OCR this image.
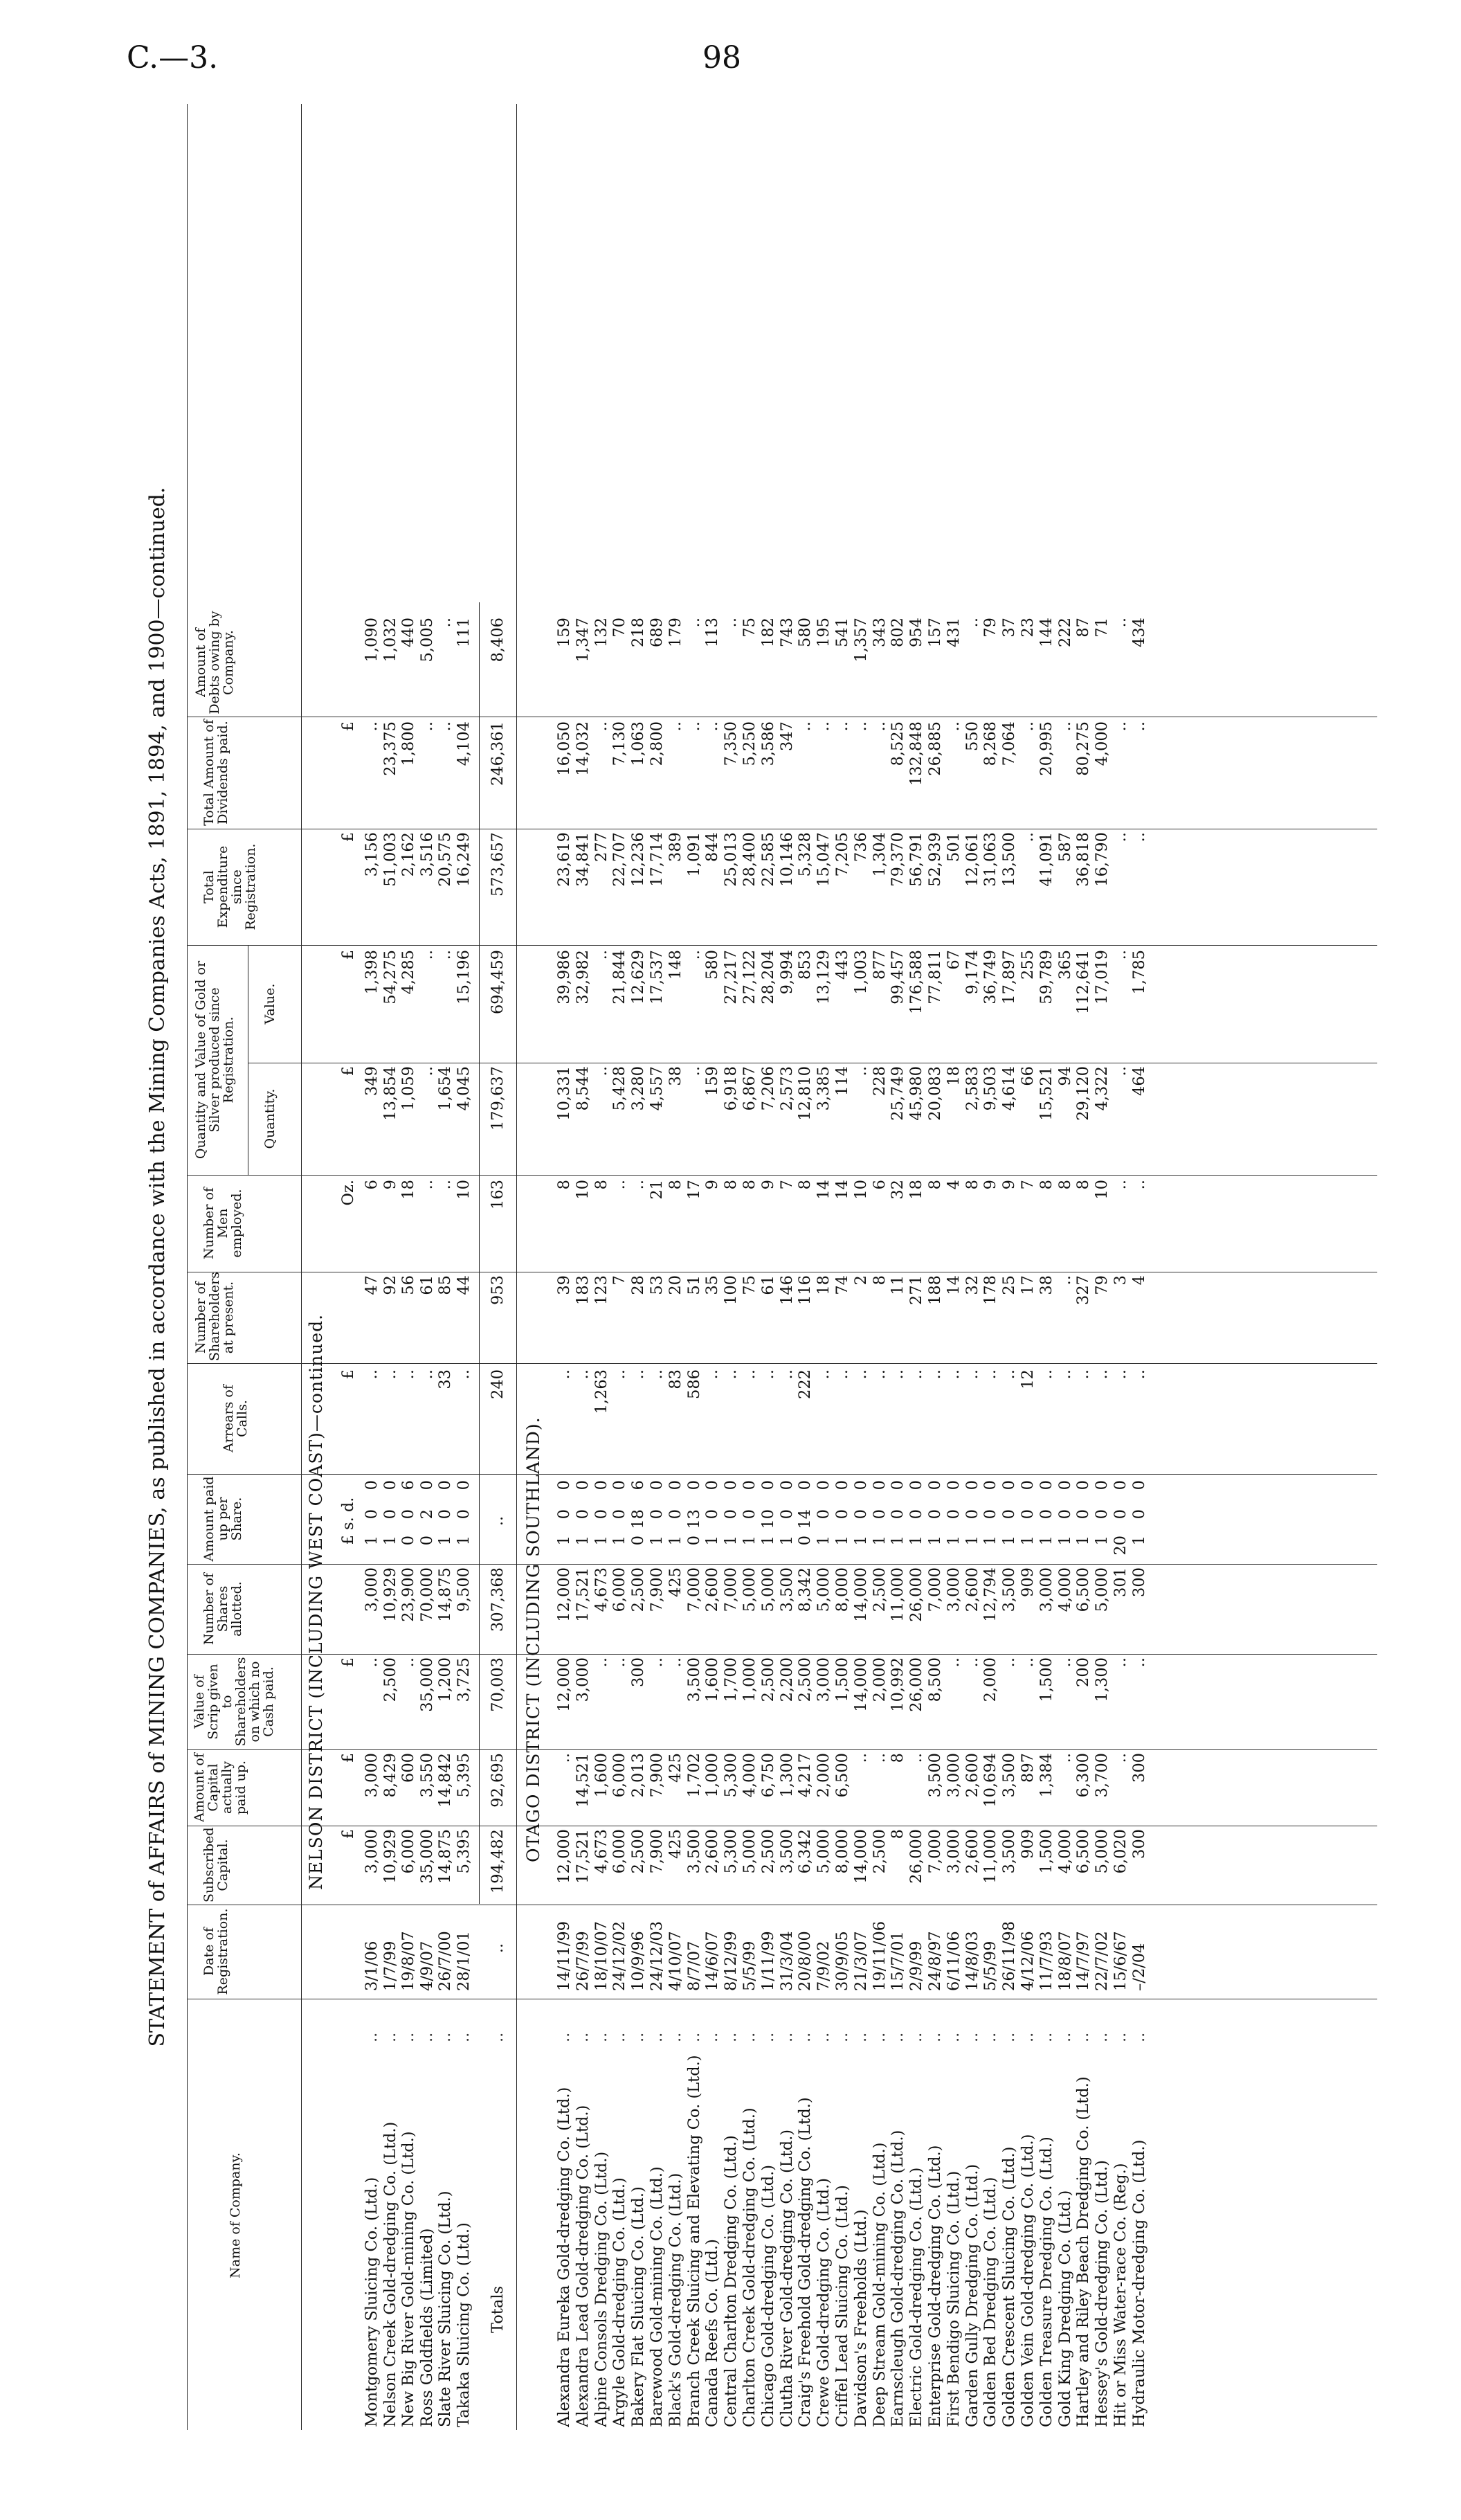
C.—3.	98
STATEMENT of AFFAIRS of MINING COMPANIES, as published in accordance with the Mining Companies Acts, 1891, 1894, and 1900—continued.
Name of Company.
Date of Registration.
Subscribed Capital.
Amount of Capital actually paid up.
Value of Scrip given to Shareholders on which no Cash paid.
Number of Shares allotted.
Amount paid up per Share.
Arrears of Calls.
Number of Shareholders at present.
Number of Men employed.
Quantity and Value of Gold or Silver produced since Registration.
Quantity.
Value.
Total Expenditure since Registration.
Total Amount of Dividends paid.
Amount of Debts owing by Company.
NELSON DISTRICT (INCLUDING WEST COAST)—continued. £
£
£
£ s. d.
£
Oz.
£
£
£
£
Montgomery Sluicing Co. (Ltd.)
..
3/1/06
3,000
3,000
..
3,000
1
0
0
..
47
6
349
1,398
3,156
..
1,090
Nelson Creek Gold-dredging Co. (Ltd.)
..
1/7/99
10,929
8,429
2,500
10,929
1
0
0
..
92
9
13,854
54,275
51,003
23,375
1,032
New Big River Gold-mining Co. (Ltd.)
..
19/8/07
6,000
600
..
23,900
0
0
6
..
56
18
1,059
4,285
2,162
1,800
440
Ross Goldfields (Limited)
..
4/9/07
35,000
3,550
35,000
70,000
0
2
0
..
61
..
..
..
3,516
..
5,005
Slate River Sluicing Co. (Ltd.)
..
26/7/00
14,875
14,842
1,200
14,875
1
0
0
33
85
..
1,654
..
20,575
..
..
Takaka Sluicing Co. (Ltd.)
..
28/1/01
5,395
5,395
3,725
9,500
1
0
0
..
44
10
4,045
15,196
16,249
4,104
111
Totals
..
..
194,482
92,695
70,003
307,368
..
240
953
163
179,637
694,459
573,657
246,361
8,406
OTAGO DISTRICT (INCLUDING SOUTHLAND).
Alexandra Eureka Gold-dredging Co. (Ltd.)
..
14/11/99
12,000
..
12,000
12,000
1
0
0
..
39
8
10,331
39,986
23,619
16,050
159
Alexandra Lead Gold-dredging Co. (Ltd.)
..
26/7/99
17,521
14,521
3,000
17,521
1
0
0
..
183
10
8,544
32,982
34,841
14,032
1,347
Alpine Consols Dredging Co. (Ltd.)
..
18/10/07
4,673
1,600
..
4,673
1
0
0
1,263
123
8
..
..
277
..
132
Argyle Gold-dredging Co. (Ltd.)
..
24/12/02
6,000
6,000
..
6,000
1
0
0
..
7
..
5,428
21,844
22,707
7,130
70
Bakery Flat Sluicing Co. (Ltd.)
..
10/9/96
2,500
2,013
300
2,500
0
18
6
..
28
..
3,280
12,629
12,236
1,063
218
Barewood Gold-mining Co. (Ltd.)
..
24/12/03
7,900
7,900
..
7,900
1
0
0
..
53
21
4,557
17,537
17,714
2,800
689
Black's Gold-dredging Co. (Ltd.)
..
4/10/07
425
425
..
425
1
0
0
83
20
8
38
148
389
..
179
Branch Creek Sluicing and Elevating Co. (Ltd.)
..
8/7/07
3,500
1,702
3,500
7,000
0
13
0
586
51
17
..
..
1,091
..
..
Canada Reefs Co. (Ltd.)
..
14/6/07
2,600
1,000
1,600
2,600
1
0
0
..
35
9
159
580
844
..
113
Central Charlton Dredging Co. (Ltd.)
..
8/12/99
5,300
5,300
1,700
7,000
1
0
0
..
100
8
6,918
27,217
25,013
7,350
..
Charlton Creek Gold-dredging Co. (Ltd.)
..
5/5/99
5,000
4,000
1,000
5,000
1
0
0
..
75
8
6,867
27,122
28,400
5,250
75
Chicago Gold-dredging Co. (Ltd.)
..
1/11/99
2,500
6,750
2,500
5,000
1
10
0
..
61
9
7,206
28,204
22,585
3,586
182
Clutha River Gold-dredging Co. (Ltd.)
..
31/3/04
3,500
1,300
2,200
3,500
1
0
0
..
146
7
2,573
9,994
10,146
347
743
Craig's Freehold Gold-dredging Co. (Ltd.)
..
20/8/00
6,342
4,217
2,500
8,342
0
14
0
222
116
8
12,810
853
5,328
..
580
Crewe Gold-dredging Co. (Ltd.)
..
7/9/02
5,000
2,000
3,000
5,000
1
0
0
..
18
14
3,385
13,129
15,047
..
195
Criffel Lead Sluicing Co. (Ltd.)
..
30/9/05
8,000
6,500
1,500
8,000
1
0
0
..
74
14
114
443
7,205
..
541
Davidson's Freeholds (Ltd.)
..
21/3/07
14,000
..
14,000
14,000
1
0
0
..
2
10
..
1,003
736
..
1,357
Deep Stream Gold-mining Co. (Ltd.)
..
19/11/06
2,500
..
2,000
2,500
1
0
0
..
8
6
228
877
1,304
..
343
Earnscleugh Gold-dredging Co. (Ltd.)
..
15/7/01
8
8
10,992
11,000
1
0
0
..
11
32
25,749
99,457
79,370
8,525
802
Electric Gold-dredging Co. (Ltd.)
..
2/9/99
26,000
..
26,000
26,000
1
0
0
..
271
18
45,980
176,588
56,791
132,848
954
Enterprise Gold-dredging Co. (Ltd.)
..
24/8/97
7,000
3,500
8,500
7,000
1
0
0
..
188
8
20,083
77,811
52,939
26,885
157
First Bendigo Sluicing Co. (Ltd.)
..
6/11/06
3,000
3,000
..
3,000
1
0
0
..
14
4
18
67
501
..
431
Garden Gully Dredging Co. (Ltd.)
..
14/8/03
2,600
2,600
..
2,600
1
0
0
..
32
8
2,583
9,174
12,061
550
..
Golden Bed Dredging Co. (Ltd.)
..
5/5/99
11,000
10,694
2,000
12,794
1
0
0
..
178
9
9,503
36,749
31,063
8,268
79
Golden Crescent Sluicing Co. (Ltd.)
..
26/11/98
3,500
3,500
..
3,500
1
0
0
..
25
9
4,614
17,897
13,500
7,064
37
Golden Vein Gold-dredging Co. (Ltd.)
..
4/12/06
909
897
..
909
1
0
0
12
17
7
66
255
..
..
23
Golden Treasure Dredging Co. (Ltd.)
..
11/7/93
1,500
1,384
1,500
3,000
1
0
0
..
38
8
15,521
59,789
41,091
20,995
144
Gold King Dredging Co. (Ltd.)
..
18/8/07
4,000
..
..
4,000
1
0
0
..
..
8
94
365
587
..
222
Hartley and Riley Beach Dredging Co. (Ltd.)
..
14/7/97
6,500
6,300
200
6,500
1
0
0
..
327
8
29,120
112,641
36,818
80,275
87
Hessey's Gold-dredging Co. (Ltd.)
..
22/7/02
5,000
3,700
1,300
5,000
1
0
0
..
79
10
4,322
17,019
16,790
4,000
71
Hit or Miss Water-race Co. (Reg.)
..
15/6/67
6,020
..
..
301
20
0
0
..
3
..
..
..
..
..
..
Hydraulic Motor-dredging Co. (Ltd.)
..
–/2/04
300
300
..
300
1
0
0
..
4
..
464
1,785
..
..
434
